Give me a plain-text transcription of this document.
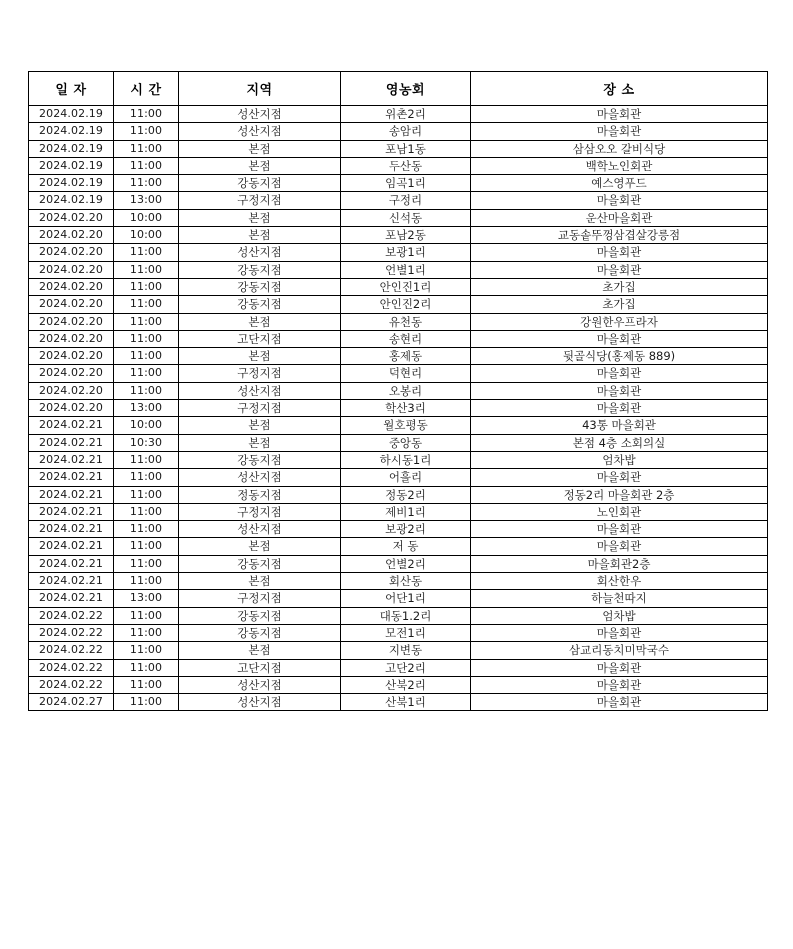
일 자	시 간	지역	영농회	장 소
2024.02.19	11:00	성산지점	위촌2리	마을회관
2024.02.19	11:00	성산지점	송암리	마을회관
2024.02.19	11:00	본점	포남1동	삼삼오오 갈비식당
2024.02.19	11:00	본점	두산동	백학노인회관
2024.02.19	11:00	강동지점	임곡1리	예스영푸드
2024.02.19	13:00	구정지점	구정리	마을회관
2024.02.20	10:00	본점	신석동	운산마을회관
2024.02.20	10:00	본점	포남2동	교동솥뚜껑삼겹살강릉점
2024.02.20	11:00	성산지점	보광1리	마을회관
2024.02.20	11:00	강동지점	언별1리	마을회관
2024.02.20	11:00	강동지점	안인진1리	초가집
2024.02.20	11:00	강동지점	안인진2리	초가집
2024.02.20	11:00	본점	유천동	강원한우프라자
2024.02.20	11:00	고단지점	송현리	마을회관
2024.02.20	11:00	본점	홍제동	뒷골식당(홍제동 889)
2024.02.20	11:00	구정지점	덕현리	마을회관
2024.02.20	11:00	성산지점	오봉리	마을회관
2024.02.20	13:00	구정지점	학산3리	마을회관
2024.02.21	10:00	본점	월호평동	43통 마을회관
2024.02.21	10:30	본점	중앙동	본점 4층 소회의실
2024.02.21	11:00	강동지점	하시동1리	엄차밥
2024.02.21	11:00	성산지점	어흘리	마을회관
2024.02.21	11:00	정동지점	정동2리	정동2리 마을회관 2층
2024.02.21	11:00	구정지점	제비1리	노인회관
2024.02.21	11:00	성산지점	보광2리	마을회관
2024.02.21	11:00	본점	저 동	마을회관
2024.02.21	11:00	강동지점	언별2리	마을회관2층
2024.02.21	11:00	본점	회산동	회산한우
2024.02.21	13:00	구정지점	어단1리	하늘천따지
2024.02.22	11:00	강동지점	대동1.2리	엄차밥
2024.02.22	11:00	강동지점	모전1리	마을회관
2024.02.22	11:00	본점	지변동	삼교리동치미막국수
2024.02.22	11:00	고단지점	고단2리	마을회관
2024.02.22	11:00	성산지점	산북2리	마을회관
2024.02.27	11:00	성산지점	산북1리	마을회관
